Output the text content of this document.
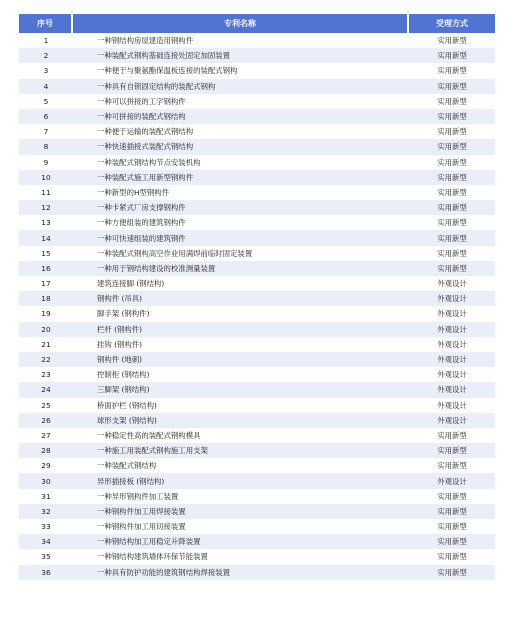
序号	专利名称	受理方式
1	一种钢结构房屋建造用钢构件	实用新型
2	一种装配式钢构基础连接处固定加固装置	实用新型
3	一种便于与聚氨酯保温板连接的装配式钢构	实用新型
4	一种具有自锁固定结构的装配式钢构	实用新型
5	一种可以拼接的工字钢构件	实用新型
6	一种可拼接的装配式钢结构	实用新型
7	一种便于运输的装配式钢结构	实用新型
8	一种快速插接式装配式钢结构	实用新型
9	一种装配式钢结构节点安装机构	实用新型
10	一种装配式施工用新型钢构件	实用新型
11	一种新型的H型钢构件	实用新型
12	一种卡紧式厂房支撑钢构件	实用新型
13	一种方便组装的建筑钢构件	实用新型
14	一种可快速组装的建筑钢件	实用新型
15	一种装配式钢构高空作业用满焊前临时固定装置	实用新型
16	一种用于钢结构建设的校准测量装置	实用新型
17	建筑连接脚 (钢结构)	外观设计
18	钢构件 (吊具)	外观设计
19	脚手架 (钢构件)	外观设计
20	栏杆 (钢构件)	外观设计
21	挂钩 (钢构件)	外观设计
22	钢构件 (地刺)	外观设计
23	控制柜 (钢结构)	外观设计
24	三脚架 (钢结构)	外观设计
25	桥面护栏 (钢结构)	外观设计
26	球形支架 (钢结构)	外观设计
27	一种稳定性高的装配式钢构模具	实用新型
28	一种施工用装配式钢构施工用支架	实用新型
29	一种装配式钢结构	实用新型
30	异形插接板 (钢结构)	外观设计
31	一种异形钢构件加工装置	实用新型
32	一种钢构件加工用焊接装置	实用新型
33	一种钢构件加工用切接装置	实用新型
34	一种钢结构加工用稳定升降装置	实用新型
35	一种钢结构建筑墙体环保节能装置	实用新型
36	一种具有防护功能的建筑钢结构焊接装置	实用新型
